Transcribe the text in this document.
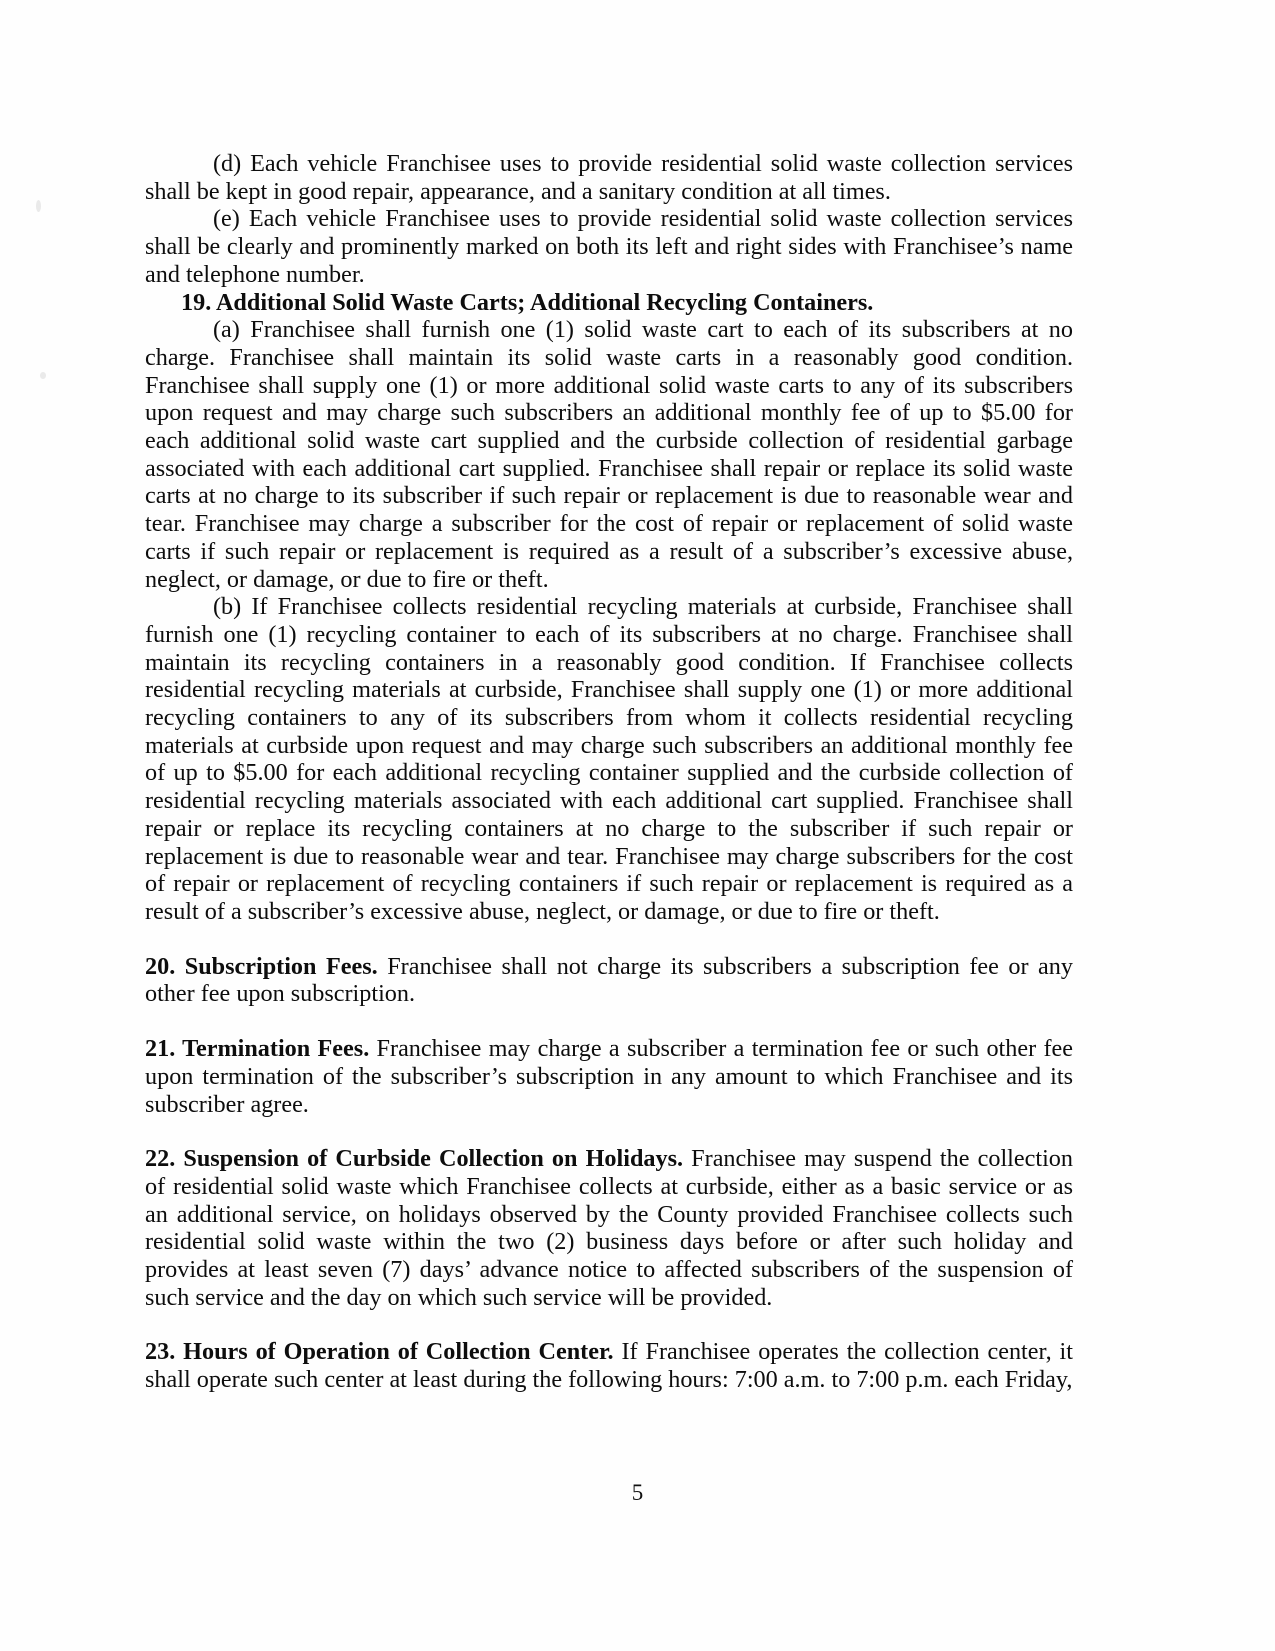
(d) Each vehicle Franchisee uses to provide residential solid waste collection services shall be kept in good repair, appearance, and a sanitary condition at all times.

(e) Each vehicle Franchisee uses to provide residential solid waste collection services shall be clearly and prominently marked on both its left and right sides with Franchisee’s name and telephone number.

19. Additional Solid Waste Carts; Additional Recycling Containers.

(a) Franchisee shall furnish one (1) solid waste cart to each of its subscribers at no charge. Franchisee shall maintain its solid waste carts in a reasonably good condition. Franchisee shall supply one (1) or more additional solid waste carts to any of its subscribers upon request and may charge such subscribers an additional monthly fee of up to $5.00 for each additional solid waste cart supplied and the curbside collection of residential garbage associated with each additional cart supplied. Franchisee shall repair or replace its solid waste carts at no charge to its subscriber if such repair or replacement is due to reasonable wear and tear. Franchisee may charge a subscriber for the cost of repair or replacement of solid waste carts if such repair or replacement is required as a result of a subscriber’s excessive abuse, neglect, or damage, or due to fire or theft.

(b) If Franchisee collects residential recycling materials at curbside, Franchisee shall furnish one (1) recycling container to each of its subscribers at no charge. Franchisee shall maintain its recycling containers in a reasonably good condition. If Franchisee collects residential recycling materials at curbside, Franchisee shall supply one (1) or more additional recycling containers to any of its subscribers from whom it collects residential recycling materials at curbside upon request and may charge such subscribers an additional monthly fee of up to $5.00 for each additional recycling container supplied and the curbside collection of residential recycling materials associated with each additional cart supplied. Franchisee shall repair or replace its recycling containers at no charge to the subscriber if such repair or replacement is due to reasonable wear and tear. Franchisee may charge subscribers for the cost of repair or replacement of recycling containers if such repair or replacement is required as a result of a subscriber’s excessive abuse, neglect, or damage, or due to fire or theft.

20. Subscription Fees. Franchisee shall not charge its subscribers a subscription fee or any other fee upon subscription.

21. Termination Fees. Franchisee may charge a subscriber a termination fee or such other fee upon termination of the subscriber’s subscription in any amount to which Franchisee and its subscriber agree.

22. Suspension of Curbside Collection on Holidays. Franchisee may suspend the collection of residential solid waste which Franchisee collects at curbside, either as a basic service or as an additional service, on holidays observed by the County provided Franchisee collects such residential solid waste within the two (2) business days before or after such holiday and provides at least seven (7) days’ advance notice to affected subscribers of the suspension of such service and the day on which such service will be provided.

23. Hours of Operation of Collection Center. If Franchisee operates the collection center, it shall operate such center at least during the following hours: 7:00 a.m. to 7:00 p.m. each Friday,

5
